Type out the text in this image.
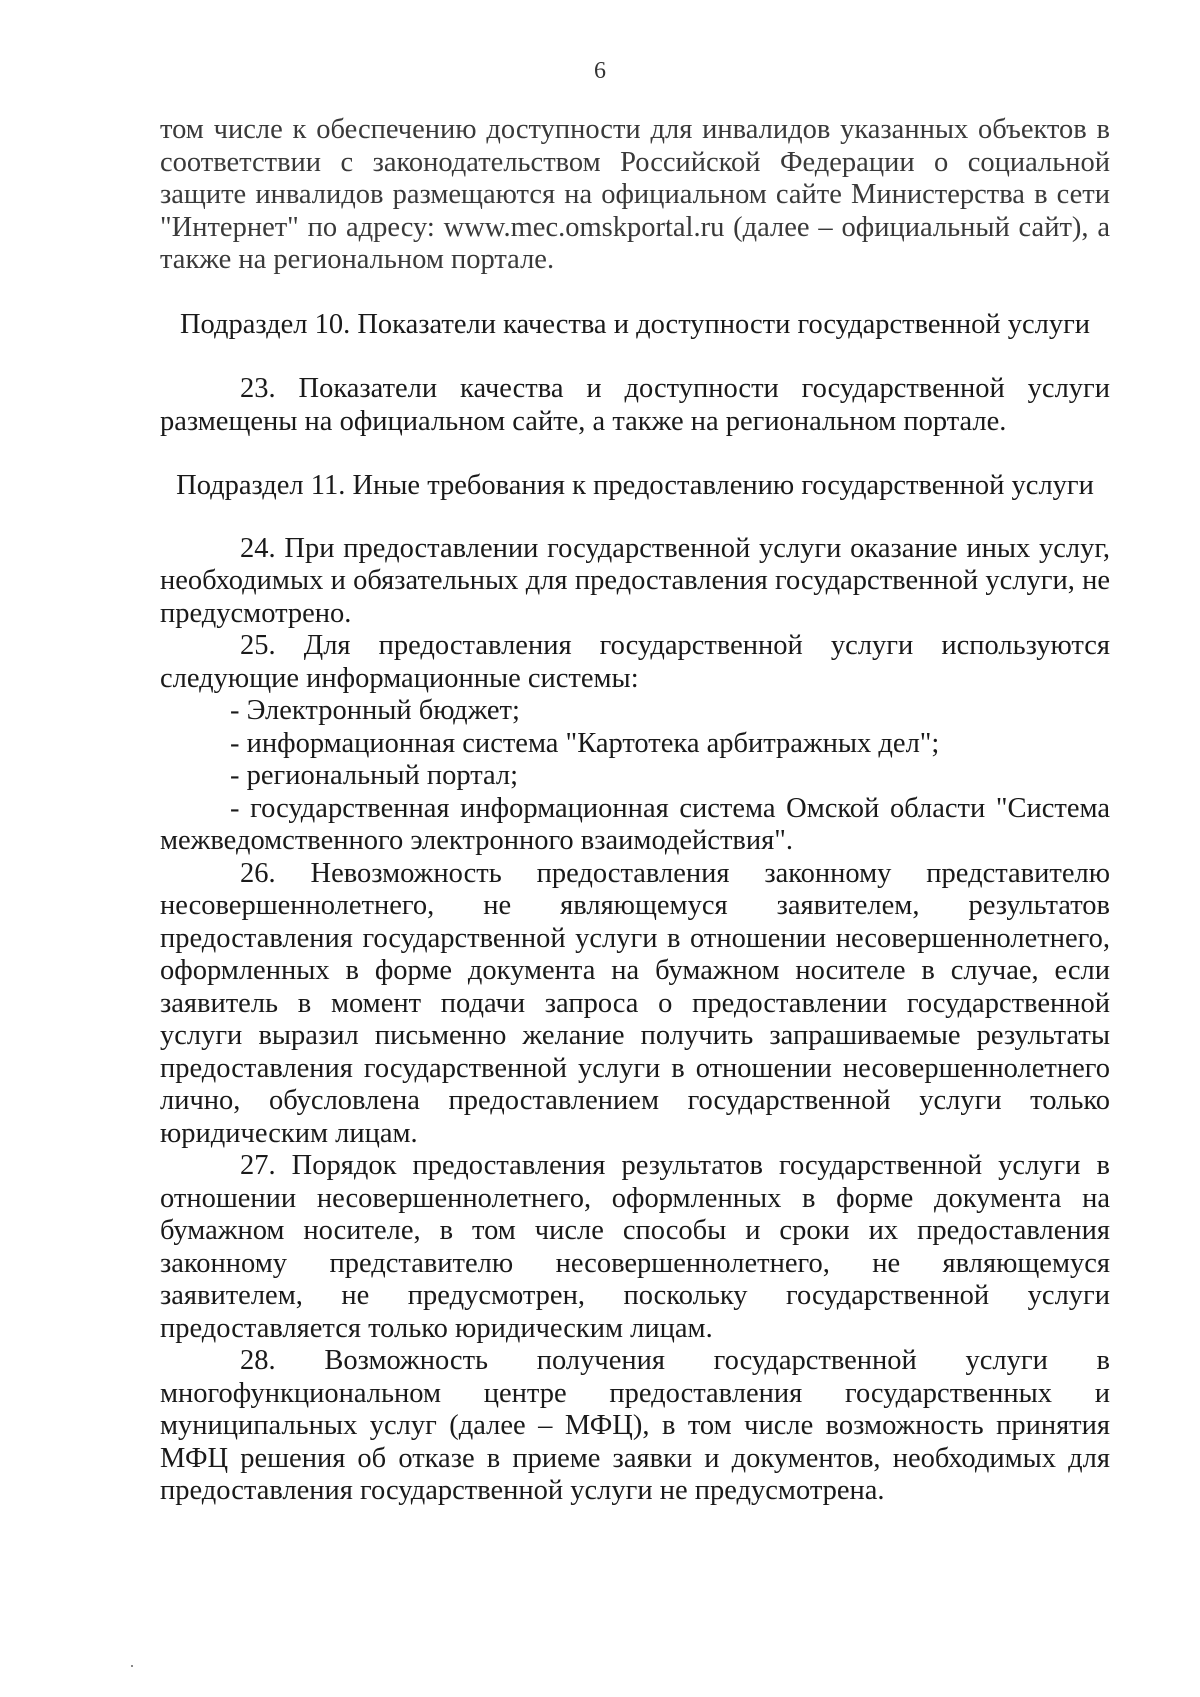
6

том числе к обеспечению доступности для инвалидов указанных объектов в соответствии с законодательством Российской Федерации о социальной защите инвалидов размещаются на официальном сайте Министерства в сети "Интернет" по адресу: www.mec.omskportal.ru (далее – официальный сайт), а также на региональном портале.

Подраздел 10. Показатели качества и доступности государственной услуги

23. Показатели качества и доступности государственной услуги размещены на официальном сайте, а также на региональном портале.

Подраздел 11. Иные требования к предоставлению государственной услуги

24. При предоставлении государственной услуги оказание иных услуг, необходимых и обязательных для предоставления государственной услуги, не предусмотрено.

25. Для предоставления государственной услуги используются следующие информационные системы:

- Электронный бюджет;

- информационная система "Картотека арбитражных дел";

- региональный портал;

- государственная информационная система Омской области "Система межведомственного электронного взаимодействия".

26. Невозможность предоставления законному представителю несовершеннолетнего, не являющемуся заявителем, результатов предоставления государственной услуги в отношении несовершеннолетнего, оформленных в форме документа на бумажном носителе в случае, если заявитель в момент подачи запроса о предоставлении государственной услуги выразил письменно желание получить запрашиваемые результаты предоставления государственной услуги в отношении несовершеннолетнего лично, обусловлена предоставлением государственной услуги только юридическим лицам.

27. Порядок предоставления результатов государственной услуги в отношении несовершеннолетнего, оформленных в форме документа на бумажном носителе, в том числе способы и сроки их предоставления законному представителю несовершеннолетнего, не являющемуся заявителем, не предусмотрен, поскольку государственной услуги предоставляется только юридическим лицам.

28. Возможность получения государственной услуги в многофункциональном центре предоставления государственных и муниципальных услуг (далее – МФЦ), в том числе возможность принятия МФЦ решения об отказе в приеме заявки и документов, необходимых для предоставления государственной услуги не предусмотрена.
